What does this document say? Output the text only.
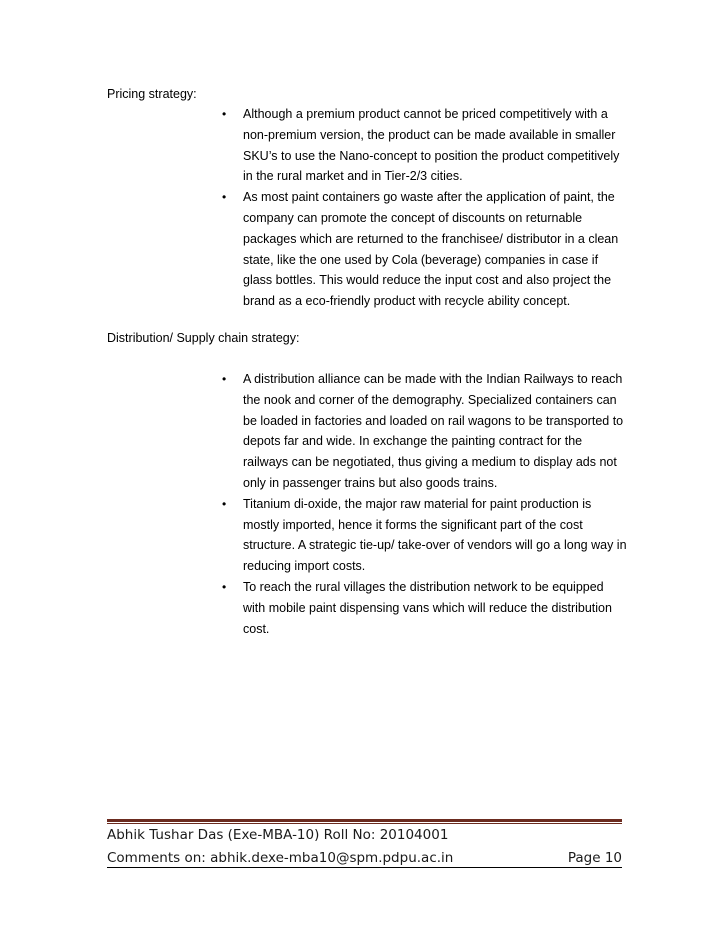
Pricing strategy:
•	Although a premium product cannot be priced competitively with a non-premium version, the product can be made available in smaller SKU’s to use the Nano-concept to position the product competitively in the rural market and in Tier-2/3 cities.
•	As most paint containers go waste after the application of paint, the company can promote the concept of discounts on returnable packages which are returned to the franchisee/ distributor in a clean state, like the one used by Cola (beverage) companies in case if glass bottles. This would reduce the input cost and also project the brand as a eco-friendly product with recycle ability concept.
Distribution/ Supply chain strategy:
•	A distribution alliance can be made with the Indian Railways to reach the nook and corner of the demography. Specialized containers can be loaded in factories and loaded on rail wagons to be transported to depots far and wide. In exchange the painting contract for the railways can be negotiated, thus giving a medium to display ads not only in passenger trains but also goods trains.
•	Titanium di-oxide, the major raw material for paint production is mostly imported, hence it forms the significant part of the cost structure. A strategic tie-up/ take-over of vendors will go a long way in reducing import costs.
•	To reach the rural villages the distribution network to be equipped with mobile paint dispensing vans which will reduce the distribution cost.
Abhik Tushar Das (Exe-MBA-10) Roll No: 20104001
Comments on: abhik.dexe-mba10@spm.pdpu.ac.in	Page 10
